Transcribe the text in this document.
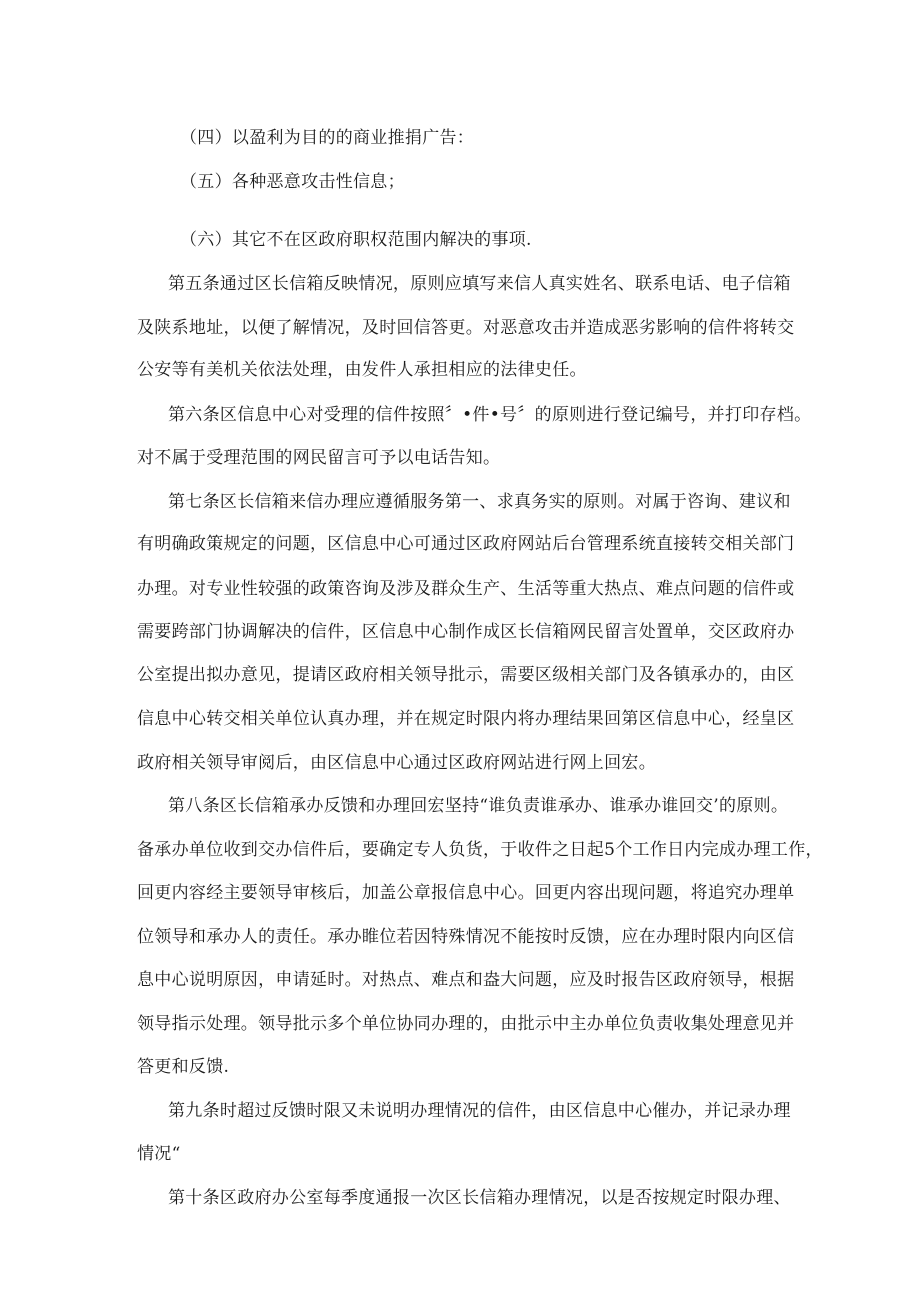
（四）以盈利为目的的商业推捐广告：
（五）各种恶意攻击性信息；
（六）其它不在区政府职权范围内解决的事项.
第五条通过区长信箱反映情况，原则应填写来信人真实姓名、联系电话、电子信箱
及陕系地址，以便了解情况，及时回信答更。对恶意攻击并造成恶劣影响的信件将转交
公安等有美机关依法处理，由发件人承担相应的法律史任。
第六条区信息中心对受理的信件按照〞•件•号〞的原则进行登记编号，并打印存档。
对不属于受理范围的网民留言可予以电话告知。
第七条区长信箱来信办理应遵循服务第一、求真务实的原则。对属于咨询、建议和
有明确政策规定的问题，区信息中心可通过区政府网站后台管理系统直接转交相关部门
办理。对专业性较强的政策咨询及涉及群众生产、生活等重大热点、难点问题的信件或
需要跨部门协调解决的信件，区信息中心制作成区长信箱网民留言处置单，交区政府办
公室提出拟办意见，提请区政府相关领导批示，需要区级相关部门及各镇承办的，由区
信息中心转交相关单位认真办理，并在规定时限内将办理结果回第区信息中心，经皇区
政府相关领导审阅后，由区信息中心通过区政府网站进行网上回宏。
第八条区长信箱承办反馈和办理回宏坚持“谁负责谁承办、谁承办谁回交’的原则。
备承办单位收到交办信件后，要确定专人负货，于收件之日起5个工作日内完成办理工作，
回更内容经主要领导审核后，加盖公章报信息中心。回更内容出现问题，将追究办理单
位领导和承办人的责任。承办睢位若因特殊情况不能按时反馈，应在办理时限内向区信
息中心说明原因，申请延时。对热点、难点和盎大问题，应及时报告区政府领导，根据
领导指示处理。领导批示多个单位协同办理的，由批示中主办单位负责收集处理意见并
答更和反馈.
第九条时超过反馈时限又未说明办理情况的信件，由区信息中心催办，并记录办理
情况“
第十条区政府办公室每季度通报一次区长信箱办理情况，以是否按规定时限办理、
